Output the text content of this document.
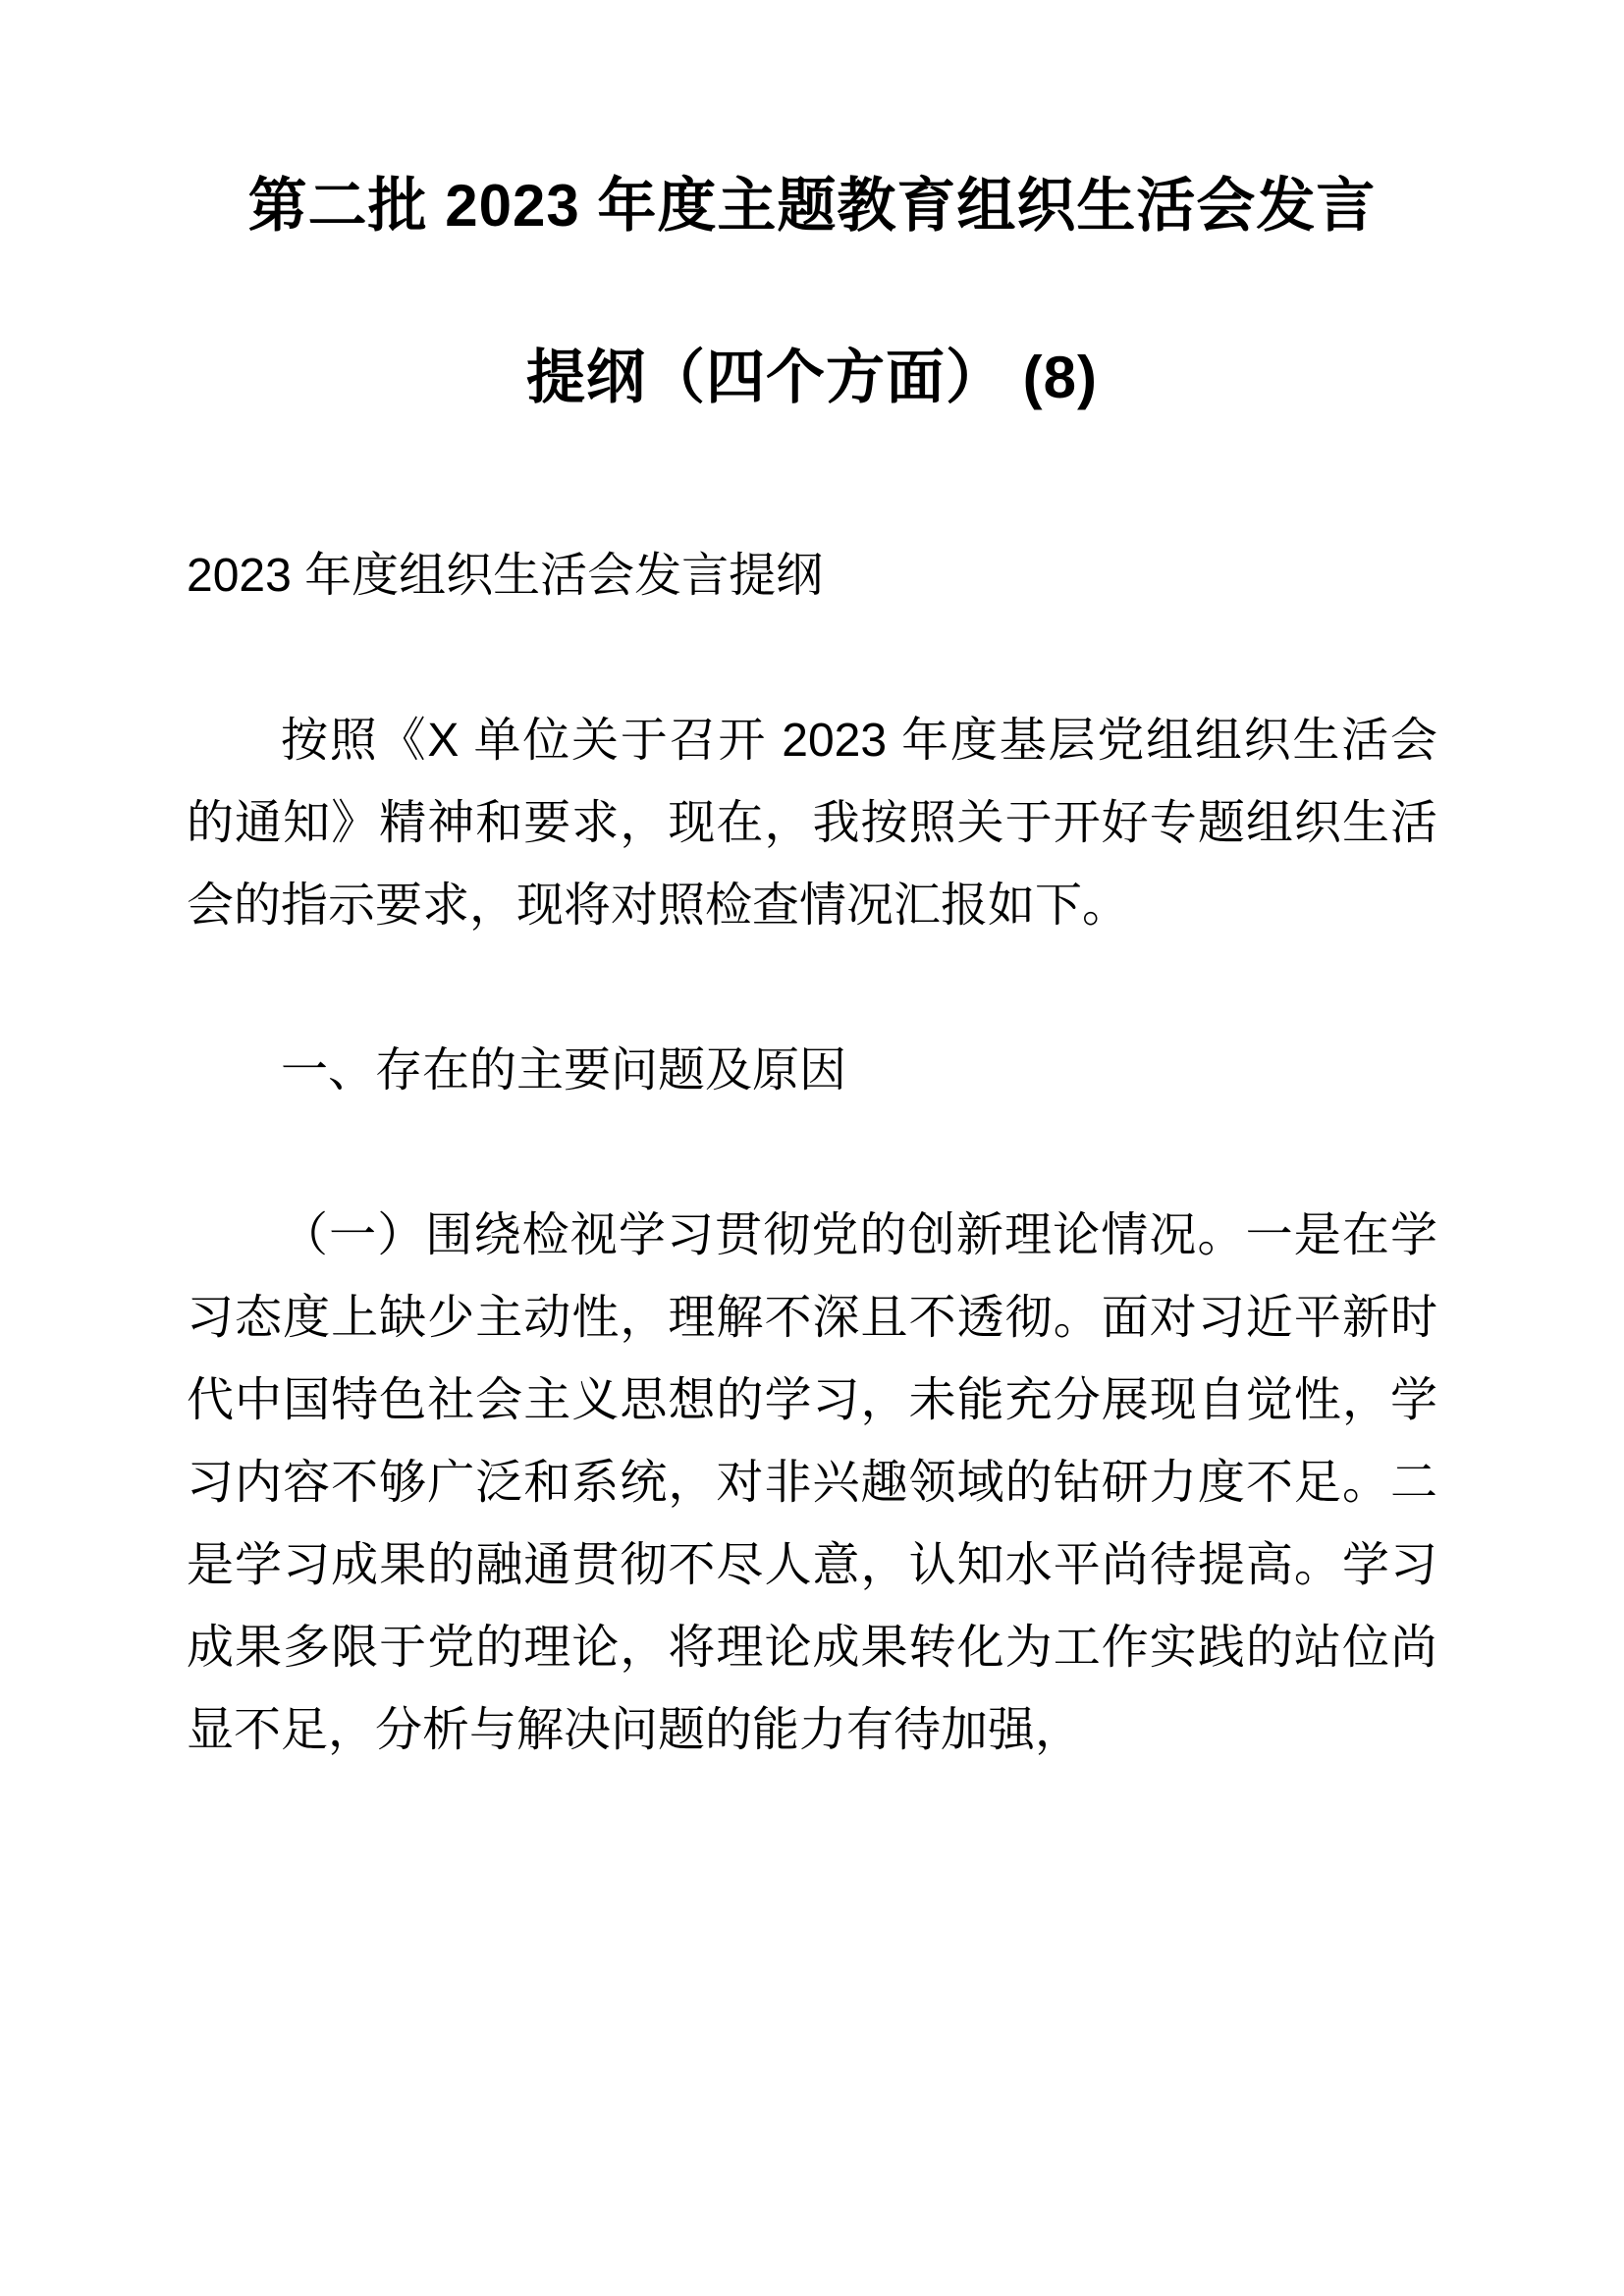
第二批 2023 年度主题教育组织生活会发言
提纲（四个方面） (8)
2023 年度组织生活会发言提纲
按照《X 单位关于召开 2023 年度基层党组组织生活会的通知》精神和要求，现在，我按照关于开好专题组织生活会的指示要求，现将对照检查情况汇报如下。
一、存在的主要问题及原因
（一）围绕检视学习贯彻党的创新理论情况。一是在学习态度上缺少主动性，理解不深且不透彻。面对习近平新时代中国特色社会主义思想的学习，未能充分展现自觉性，学习内容不够广泛和系统，对非兴趣领域的钻研力度不足。二是学习成果的融通贯彻不尽人意，认知水平尚待提高。学习成果多限于党的理论，将理论成果转化为工作实践的站位尚显不足，分析与解决问题的能力有待加强，
